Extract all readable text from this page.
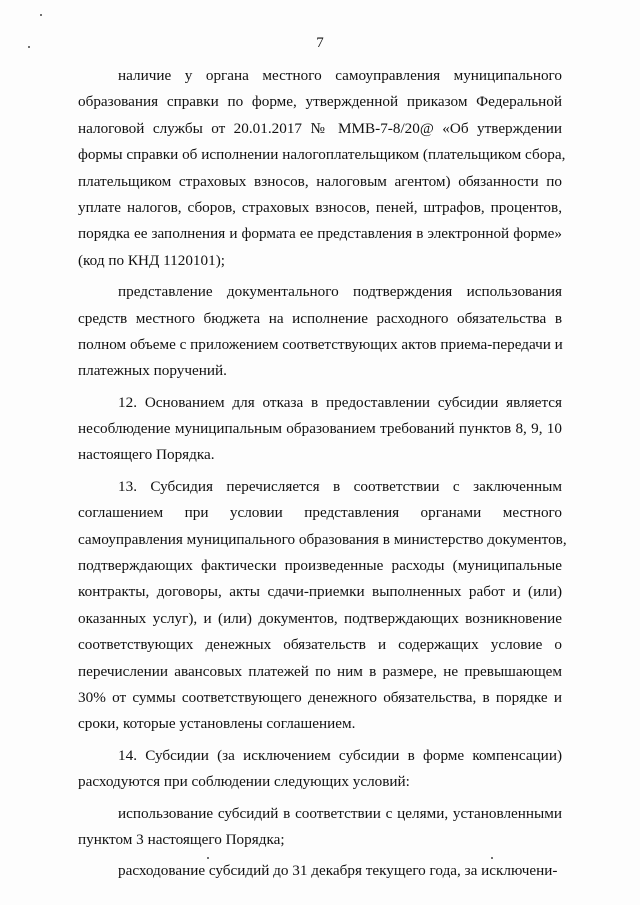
7
наличие у органа местного самоуправления муниципального
образования справки по форме, утвержденной приказом Федеральной
налоговой службы от 20.01.2017 № ММВ-7-8/20@ «Об утверждении
формы справки об исполнении налогоплательщиком (плательщиком сбора,
плательщиком страховых взносов, налоговым агентом) обязанности по
уплате налогов, сборов, страховых взносов, пеней, штрафов, процентов,
порядка ее заполнения и формата ее представления в электронной форме»
(код по КНД 1120101);
представление документального подтверждения использования
средств местного бюджета на исполнение расходного обязательства в
полном объеме с приложением соответствующих актов приема-передачи и
платежных поручений.
12. Основанием для отказа в предоставлении субсидии является
несоблюдение муниципальным образованием требований пунктов 8, 9, 10
настоящего Порядка.
13. Субсидия перечисляется в соответствии с заключенным
соглашением при условии представления органами местного
самоуправления муниципального образования в министерство документов,
подтверждающих фактически произведенные расходы (муниципальные
контракты, договоры, акты сдачи-приемки выполненных работ и (или)
оказанных услуг), и (или) документов, подтверждающих возникновение
соответствующих денежных обязательств и содержащих условие о
перечислении авансовых платежей по ним в размере, не превышающем
30% от суммы соответствующего денежного обязательства, в порядке и
сроки, которые установлены соглашением.
14. Субсидии (за исключением субсидии в форме компенсации)
расходуются при соблюдении следующих условий:
использование субсидий в соответствии с целями, установленными
пунктом 3 настоящего Порядка;
расходование субсидий до 31 декабря текущего года, за исключени-
